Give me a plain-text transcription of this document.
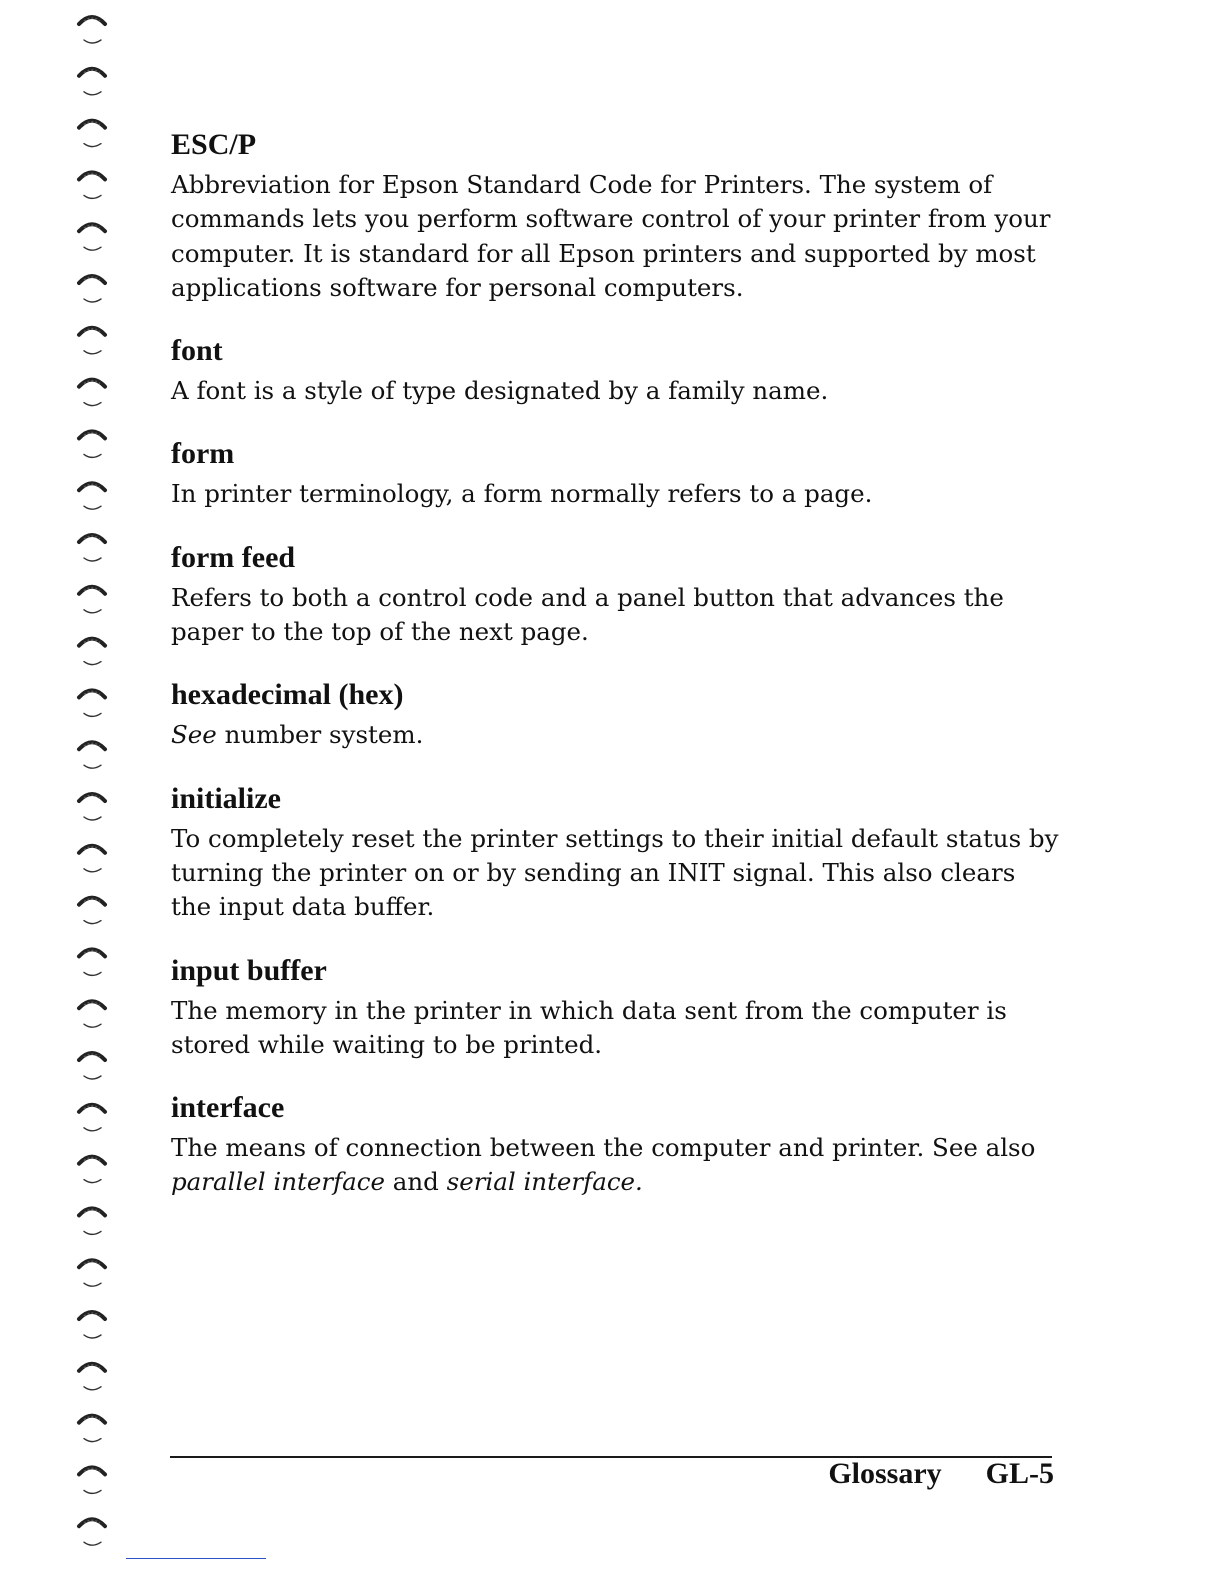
ESC/P

Abbreviation for Epson Standard Code for Printers. The system of commands lets you perform software control of your printer from your computer. It is standard for all Epson printers and supported by most applications software for personal computers.

font

A font is a style of type designated by a family name.

form

In printer terminology, a form normally refers to a page.

form feed

Refers to both a control code and a panel button that advances the paper to the top of the next page.

hexadecimal (hex)

See number system.

initialize

To completely reset the printer settings to their initial default status by turning the printer on or by sending an INIT signal. This also clears the input data buffer.

input buffer

The memory in the printer in which data sent from the computer is stored while waiting to be printed.

interface

The means of connection between the computer and printer. See also parallel interface and serial interface.

Glossary GL-5
